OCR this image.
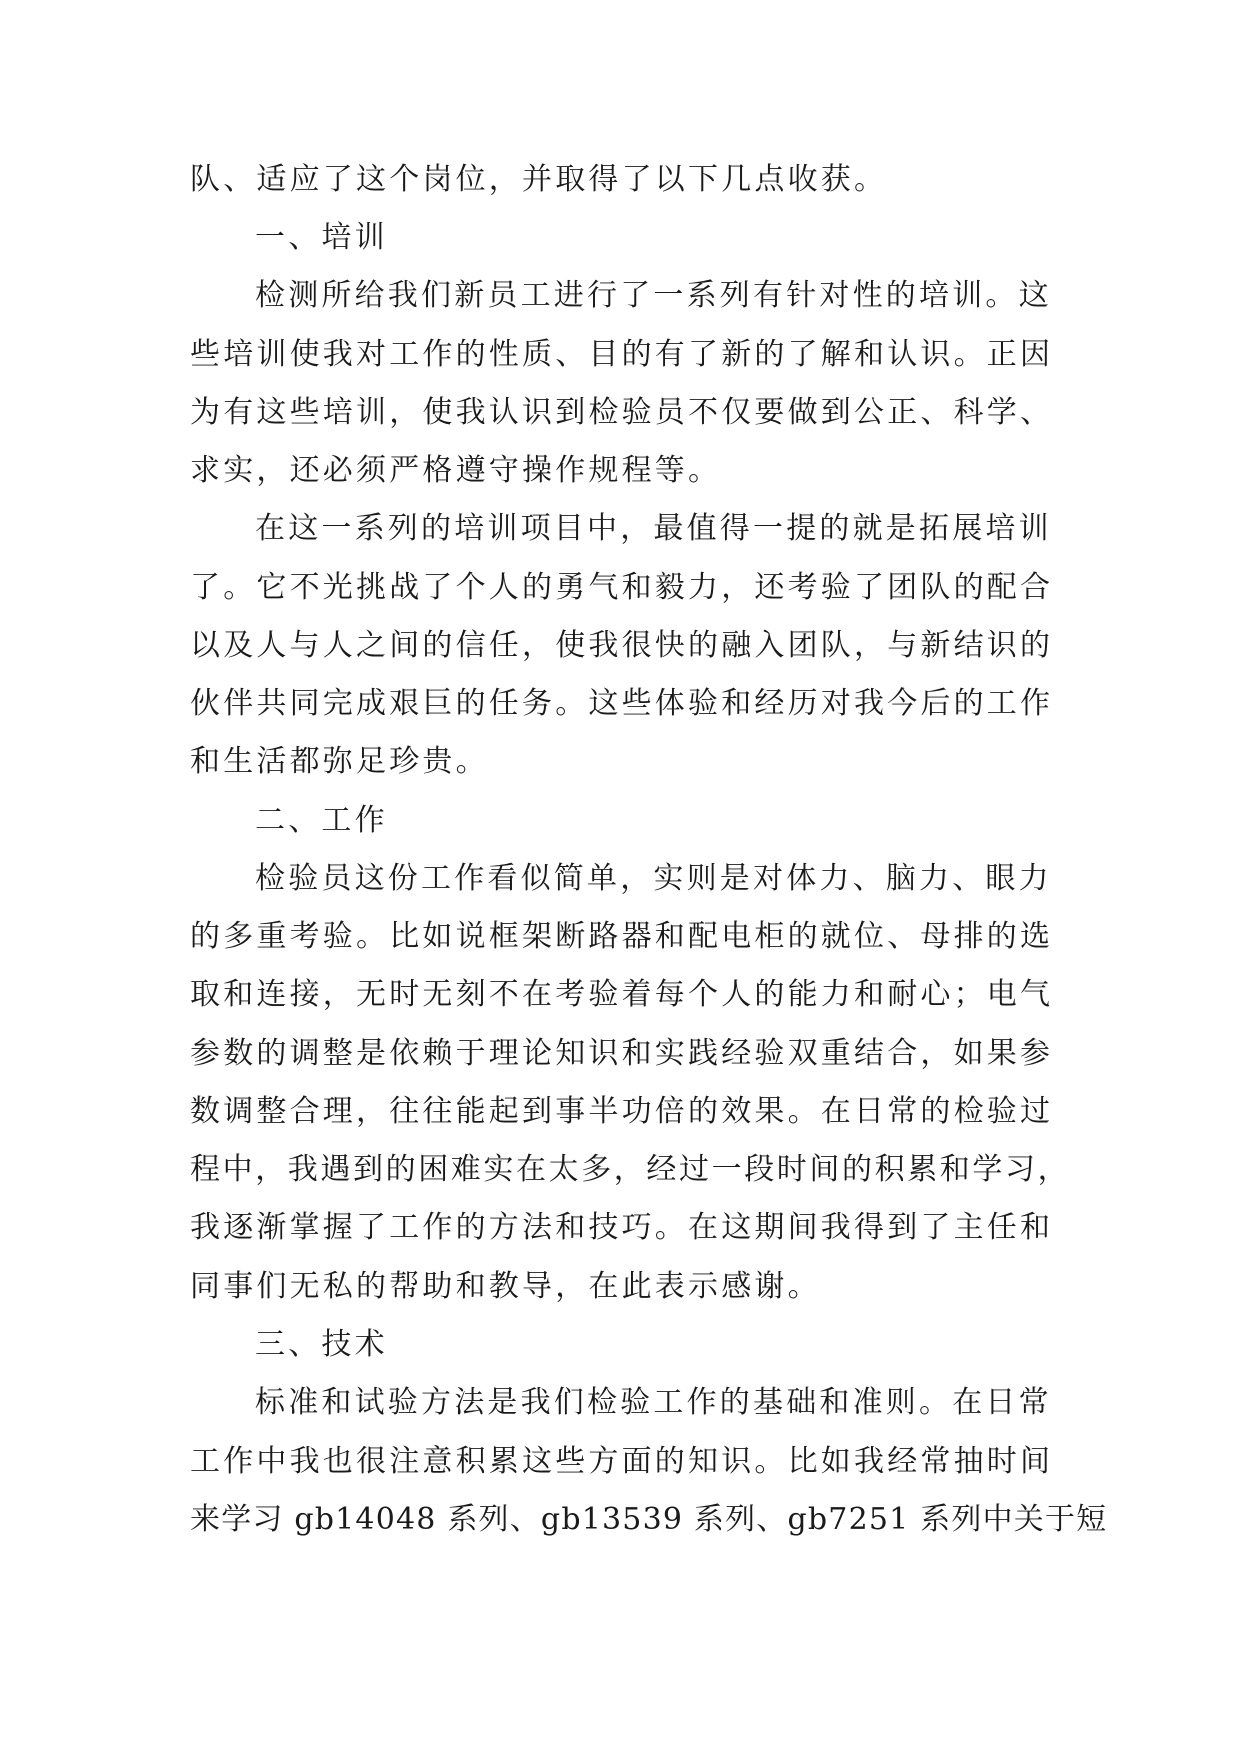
队、适应了这个岗位，并取得了以下几点收获。
一、培训
检测所给我们新员工进行了一系列有针对性的培训。这
些培训使我对工作的性质、目的有了新的了解和认识。正因
为有这些培训，使我认识到检验员不仅要做到公正、科学、
求实，还必须严格遵守操作规程等。
在这一系列的培训项目中，最值得一提的就是拓展培训
了。它不光挑战了个人的勇气和毅力，还考验了团队的配合
以及人与人之间的信任，使我很快的融入团队，与新结识的
伙伴共同完成艰巨的任务。这些体验和经历对我今后的工作
和生活都弥足珍贵。
二、工作
检验员这份工作看似简单，实则是对体力、脑力、眼力
的多重考验。比如说框架断路器和配电柜的就位、母排的选
取和连接，无时无刻不在考验着每个人的能力和耐心；电气
参数的调整是依赖于理论知识和实践经验双重结合，如果参
数调整合理，往往能起到事半功倍的效果。在日常的检验过
程中，我遇到的困难实在太多，经过一段时间的积累和学习，
我逐渐掌握了工作的方法和技巧。在这期间我得到了主任和
同事们无私的帮助和教导，在此表示感谢。
三、技术
标准和试验方法是我们检验工作的基础和准则。在日常
工作中我也很注意积累这些方面的知识。比如我经常抽时间
来学习 gb14048 系列、gb13539 系列、gb7251 系列中关于短
